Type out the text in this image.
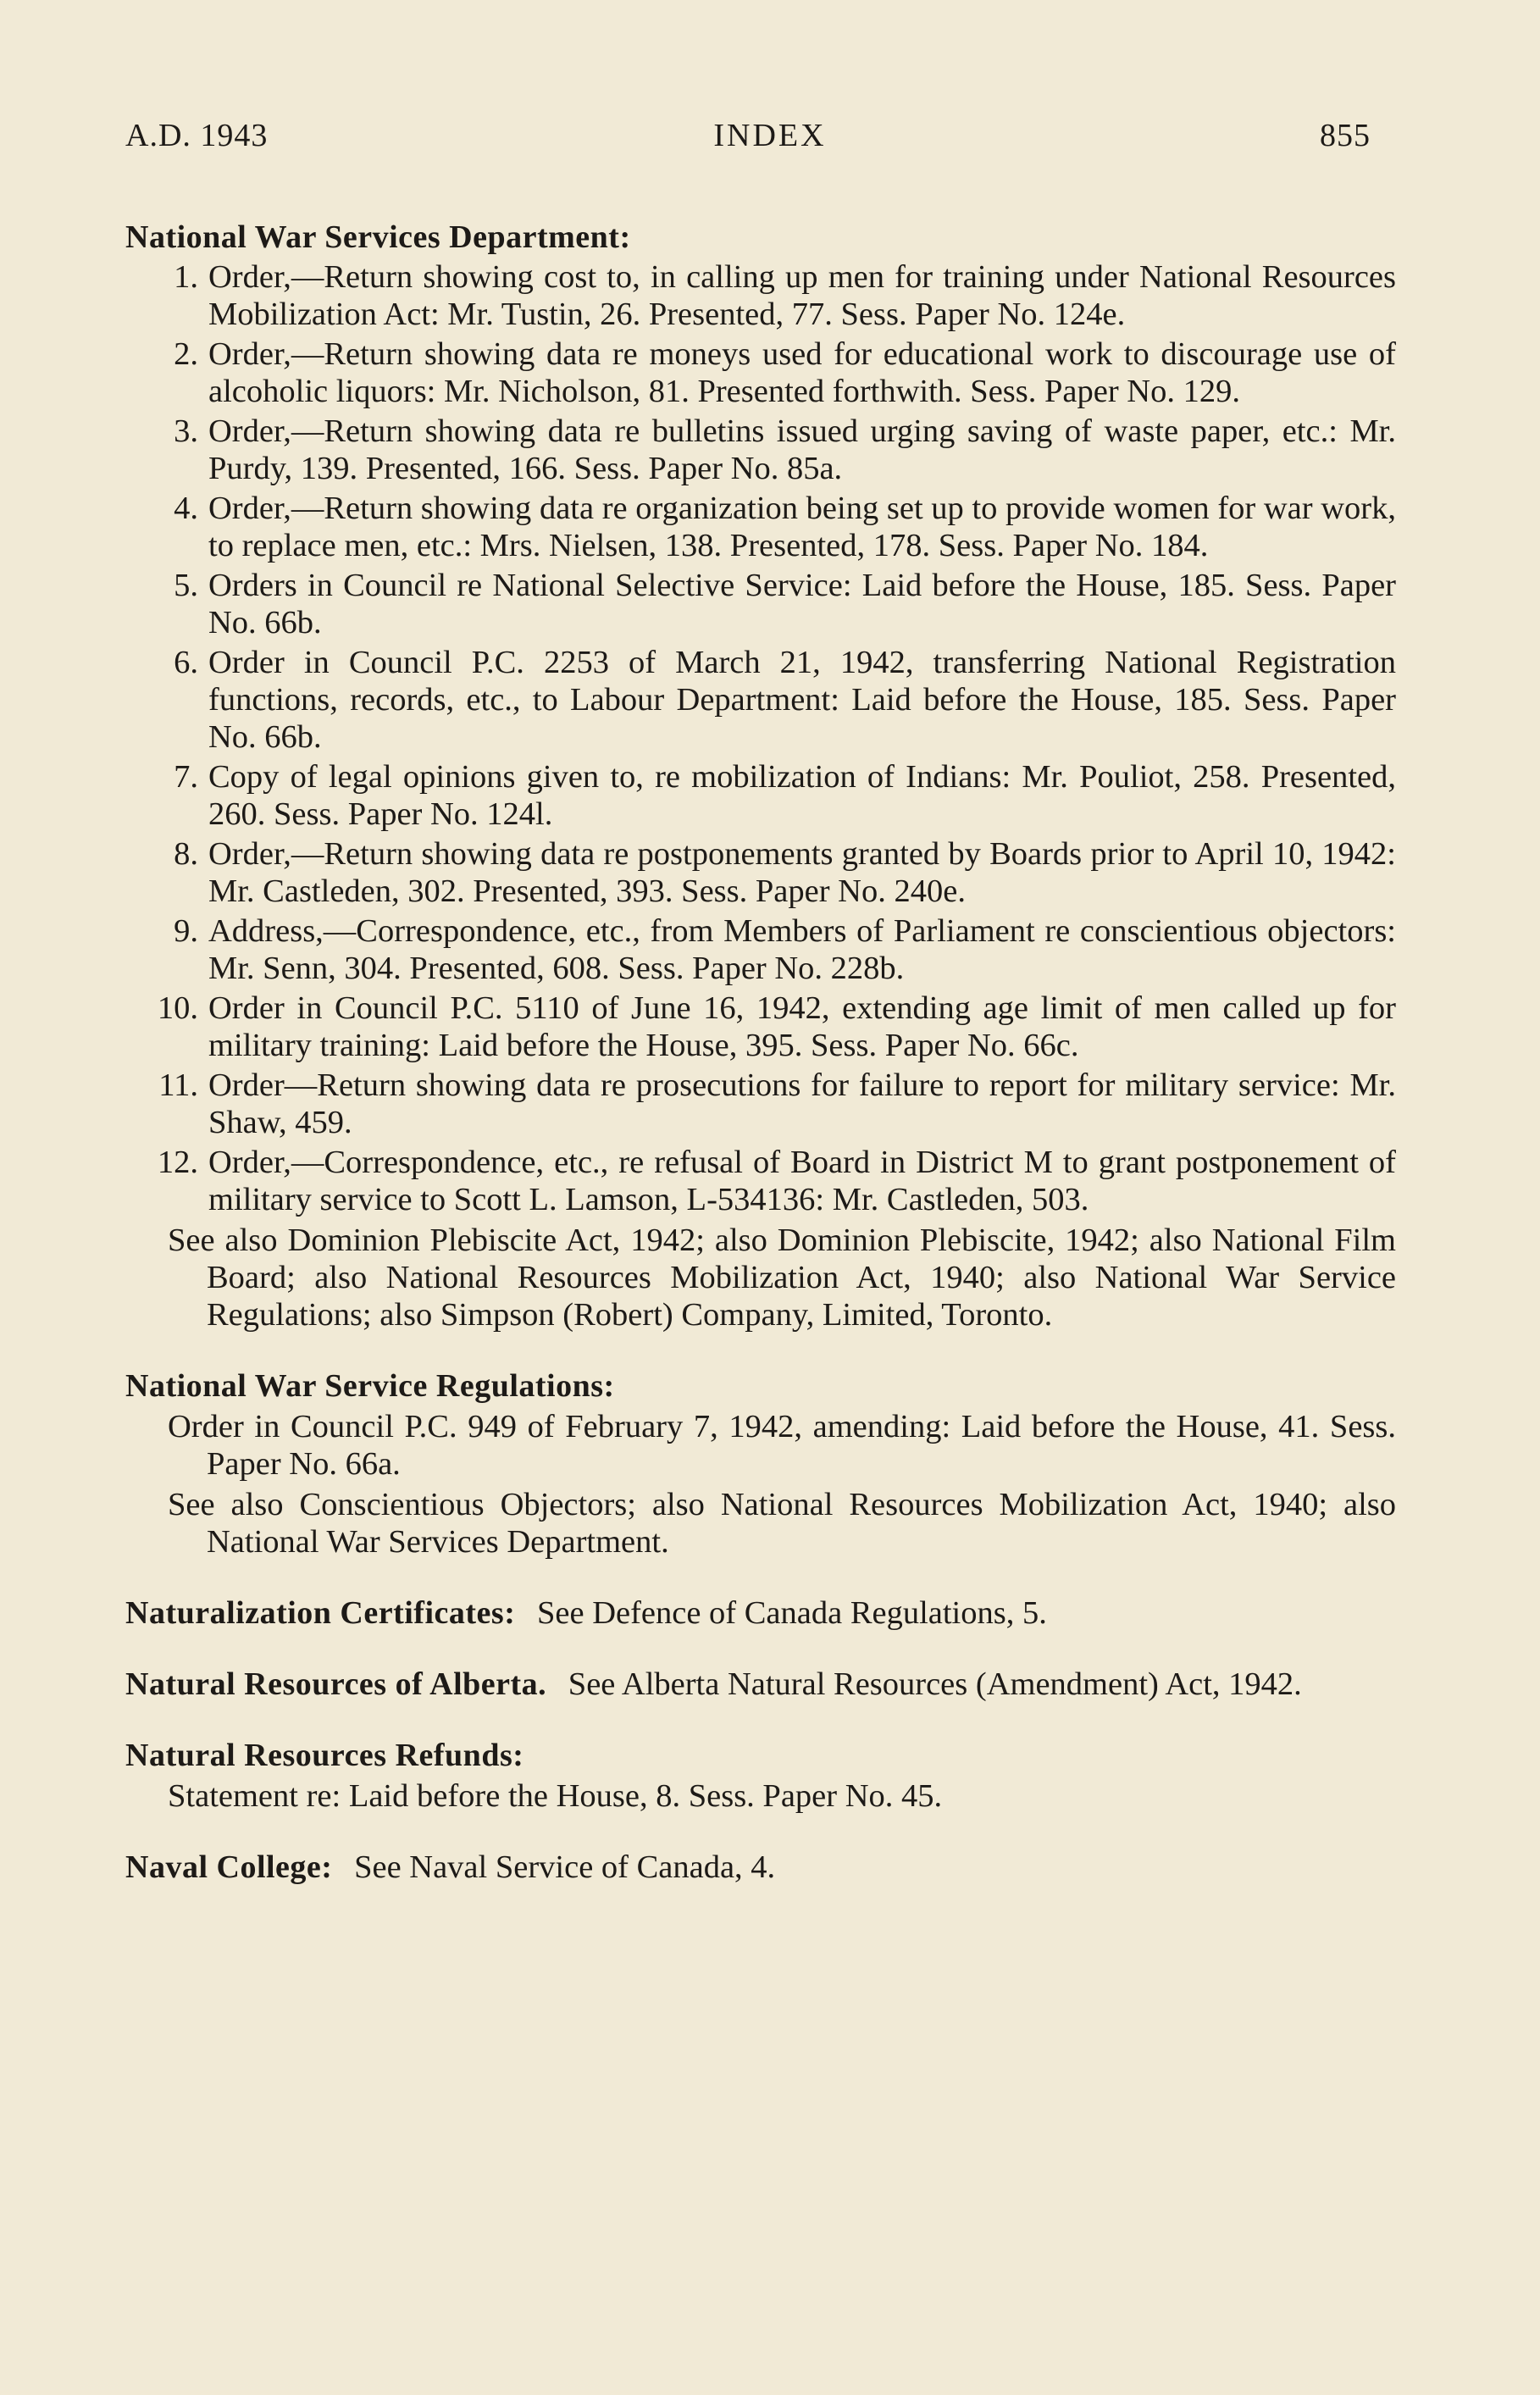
A.D. 1943	INDEX	855
National War Services Department:
1. Order,—Return showing cost to, in calling up men for training under National Resources Mobilization Act: Mr. Tustin, 26. Presented, 77. Sess. Paper No. 124e.
2. Order,—Return showing data re moneys used for educational work to discourage use of alcoholic liquors: Mr. Nicholson, 81. Presented forthwith. Sess. Paper No. 129.
3. Order,—Return showing data re bulletins issued urging saving of waste paper, etc.: Mr. Purdy, 139. Presented, 166. Sess. Paper No. 85a.
4. Order,—Return showing data re organization being set up to provide women for war work, to replace men, etc.: Mrs. Nielsen, 138. Presented, 178. Sess. Paper No. 184.
5. Orders in Council re National Selective Service: Laid before the House, 185. Sess. Paper No. 66b.
6. Order in Council P.C. 2253 of March 21, 1942, transferring National Registration functions, records, etc., to Labour Department: Laid before the House, 185. Sess. Paper No. 66b.
7. Copy of legal opinions given to, re mobilization of Indians: Mr. Pouliot, 258. Presented, 260. Sess. Paper No. 124l.
8. Order,—Return showing data re postponements granted by Boards prior to April 10, 1942: Mr. Castleden, 302. Presented, 393. Sess. Paper No. 240e.
9. Address,—Correspondence, etc., from Members of Parliament re conscientious objectors: Mr. Senn, 304. Presented, 608. Sess. Paper No. 228b.
10. Order in Council P.C. 5110 of June 16, 1942, extending age limit of men called up for military training: Laid before the House, 395. Sess. Paper No. 66c.
11. Order—Return showing data re prosecutions for failure to report for military service: Mr. Shaw, 459.
12. Order,—Correspondence, etc., re refusal of Board in District M to grant postponement of military service to Scott L. Lamson, L-534136: Mr. Castleden, 503.
See also Dominion Plebiscite Act, 1942; also Dominion Plebiscite, 1942; also National Film Board; also National Resources Mobilization Act, 1940; also National War Service Regulations; also Simpson (Robert) Company, Limited, Toronto.
National War Service Regulations:
Order in Council P.C. 949 of February 7, 1942, amending: Laid before the House, 41. Sess. Paper No. 66a.
See also Conscientious Objectors; also National Resources Mobilization Act, 1940; also National War Services Department.
Naturalization Certificates: See Defence of Canada Regulations, 5.
Natural Resources of Alberta. See Alberta Natural Resources (Amendment) Act, 1942.
Natural Resources Refunds:
Statement re: Laid before the House, 8. Sess. Paper No. 45.
Naval College: See Naval Service of Canada, 4.
